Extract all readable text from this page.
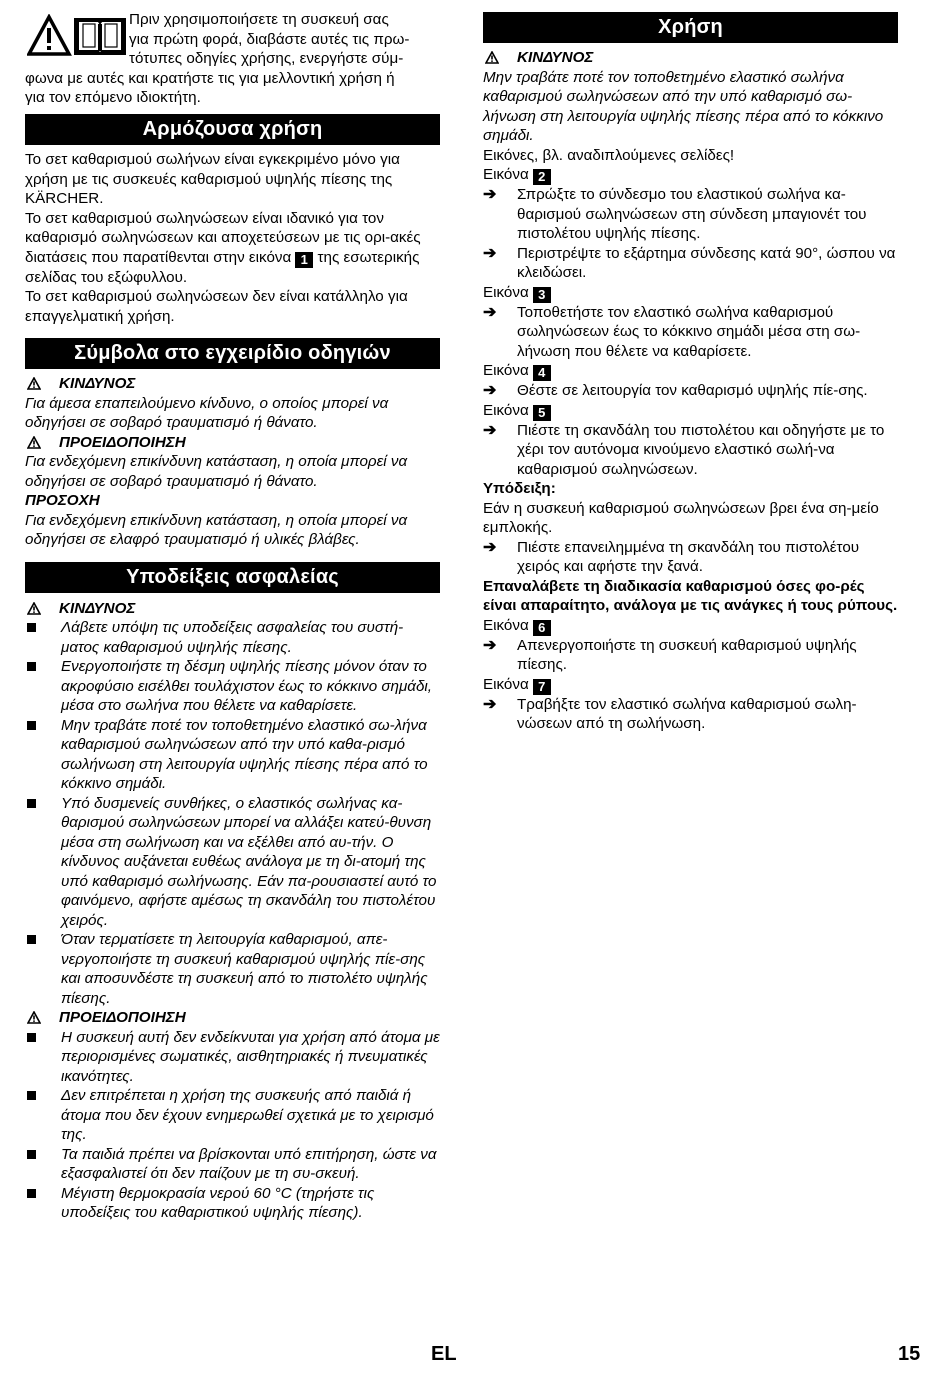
Πριν χρησιμοποιήσετε τη συσκευή σας
για πρώτη φορά, διαβάστε αυτές τις πρω-
τότυπες οδηγίες χρήσης, ενεργήστε σύμ-
φωνα με αυτές και κρατήστε τις για μελλοντική χρήση ή
για τον επόμενο ιδιοκτήτη.
Αρμόζουσα χρήση

Το σετ καθαρισμού σωλήνων είναι εγκεκριμένο μόνο για χρήση με τις συσκευές καθαρισμού υψηλής πίεσης της KÄRCHER.

Το σετ καθαρισμού σωληνώσεων είναι ιδανικό για τον καθαρισμό σωληνώσεων και αποχετεύσεων με τις ορι-ακές διατάσεις που παρατίθενται στην εικόνα 1 της εσωτερικής σελίδας του εξώφυλλου.

Το σετ καθαρισμού σωληνώσεων δεν είναι κατάλληλο για επαγγελματική χρήση.

Σύμβολα στο εγχειρίδιο οδηγιών
ΚΙΝΔΥΝΟΣ

Για άμεσα επαπειλούμενο κίνδυνο, ο οποίος μπορεί να οδηγήσει σε σοβαρό τραυματισμό ή θάνατο.

ΠΡΟΕΙΔΟΠΟΙΗΣΗ

Για ενδεχόμενη επικίνδυνη κατάσταση, η οποία μπορεί να οδηγήσει σε σοβαρό τραυματισμό ή θάνατο.

ΠΡΟΣΟΧΗ

Για ενδεχόμενη επικίνδυνη κατάσταση, η οποία μπορεί να οδηγήσει σε ελαφρό τραυματισμό ή υλικές βλάβες.

Υποδείξεις ασφαλείας
ΚΙΝΔΥΝΟΣ
Λάβετε υπόψη τις υποδείξεις ασφαλείας του συστή-ματος καθαρισμού υψηλής πίεσης.
Ενεργοποιήστε τη δέσμη υψηλής πίεσης μόνον όταν το ακροφύσιο εισέλθει τουλάχιστον έως το κόκκινο σημάδι, μέσα στο σωλήνα που θέλετε να καθαρίσετε.
Μην τραβάτε ποτέ τον τοποθετημένο ελαστικό σω-λήνα καθαρισμού σωληνώσεων από την υπό καθα-ρισμό σωλήνωση στη λειτουργία υψηλής πίεσης πέρα από το κόκκινο σημάδι.
Υπό δυσμενείς συνθήκες, ο ελαστικός σωλήνας κα-θαρισμού σωληνώσεων μπορεί να αλλάξει κατεύ-θυνση μέσα στη σωλήνωση και να εξέλθει από αυ-τήν. Ο κίνδυνος αυξάνεται ευθέως ανάλογα με τη δι-ατομή της υπό καθαρισμό σωλήνωσης. Εάν πα-ρουσιαστεί αυτό το φαινόμενο, αφήστε αμέσως τη σκανδάλη του πιστολέτου χειρός.
Όταν τερματίσετε τη λειτουργία καθαρισμού, απε-νεργοποιήστε τη συσκευή καθαρισμού υψηλής πίε-σης και αποσυνδέστε τη συσκευή από το πιστολέτο υψηλής πίεσης.
ΠΡΟΕΙΔΟΠΟΙΗΣΗ
Η συσκευή αυτή δεν ενδείκνυται για χρήση από άτομα με περιορισμένες σωματικές, αισθητηριακές ή πνευματικές ικανότητες.
Δεν επιτρέπεται η χρήση της συσκευής από παιδιά ή άτομα που δεν έχουν ενημερωθεί σχετικά με το χειρισμό της.
Τα παιδιά πρέπει να βρίσκονται υπό επιτήρηση, ώστε να εξασφαλιστεί ότι δεν παίζουν με τη συ-σκευή.
Μέγιστη θερμοκρασία νερού 60 °C (τηρήστε τις υποδείξεις του καθαριστικού υψηλής πίεσης).
Χρήση
ΚΙΝΔΥΝΟΣ

Μην τραβάτε ποτέ τον τοποθετημένο ελαστικό σωλήνα καθαρισμού σωληνώσεων από την υπό καθαρισμό σω-λήνωση στη λειτουργία υψηλής πίεσης πέρα από το κόκκινο σημάδι.

Εικόνες, βλ. αναδιπλούμενες σελίδες!

Εικόνα 2

➔	Σπρώξτε το σύνδεσμο του ελαστικού σωλήνα κα-θαρισμού σωληνώσεων στη σύνδεση μπαγιονέτ του πιστολέτου υψηλής πίεσης.
➔	Περιστρέψτε το εξάρτημα σύνδεσης κατά 90°, ώσπου να κλειδώσει.

Εικόνα 3

➔	Τοποθετήστε τον ελαστικό σωλήνα καθαρισμού σωληνώσεων έως το κόκκινο σημάδι μέσα στη σω-λήνωση που θέλετε να καθαρίσετε.

Εικόνα 4

➔	Θέστε σε λειτουργία τον καθαρισμό υψηλής πίε-σης.

Εικόνα 5

➔	Πιέστε τη σκανδάλη του πιστολέτου και οδηγήστε με το χέρι τον αυτόνομα κινούμενο ελαστικό σωλή-να καθαρισμού σωληνώσεων.

Υπόδειξη:

Εάν η συσκευή καθαρισμού σωληνώσεων βρει ένα ση-μείο εμπλοκής.

➔	Πιέστε επανειλημμένα τη σκανδάλη του πιστολέτου χειρός και αφήστε την ξανά.

Επαναλάβετε τη διαδικασία καθαρισμού όσες φο-ρές είναι απαραίτητο, ανάλογα με τις ανάγκες ή τους ρύπους.

Εικόνα 6

➔	Απενεργοποιήστε τη συσκευή καθαρισμού υψηλής πίεσης.

Εικόνα 7

➔	Τραβήξτε τον ελαστικό σωλήνα καθαρισμού σωλη-νώσεων από τη σωλήνωση.
EL	15
